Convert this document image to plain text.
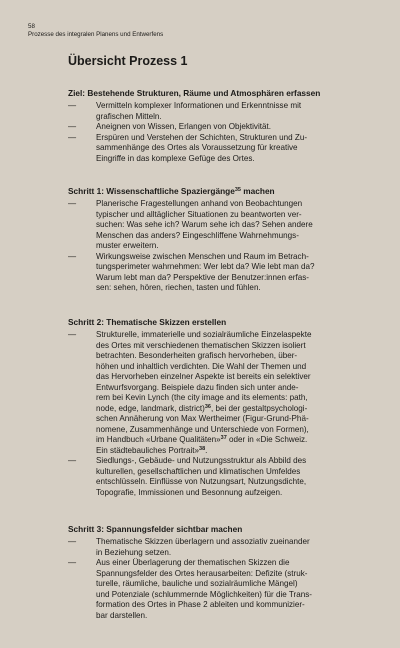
58
Prozesse des integralen Planens und Entwerfens
Übersicht Prozess 1
Ziel: Bestehende Strukturen, Räume und Atmosphären erfassen
— Vermitteln komplexer Informationen und Erkenntnisse mit
grafischen Mitteln.
— Aneignen von Wissen, Erlangen von Objektivität.
— Erspüren und Verstehen der Schichten, Strukturen und Zu-
sammenhänge des Ortes als Voraussetzung für kreative
Eingriffe in das komplexe Gefüge des Ortes.
Schritt 1: Wissenschaftliche Spaziergänge$^{35}$ machen
— Planerische Fragestellungen anhand von Beobachtungen
typischer und alltäglicher Situationen zu beantworten ver-
suchen: Was sehe ich? Warum sehe ich das? Sehen andere
Menschen das anders? Eingeschliffene Wahrnehmungs-
muster erweitern.
— Wirkungsweise zwischen Menschen und Raum im Betrach-
tungsperimeter wahrnehmen: Wer lebt da? Wie lebt man da?
Warum lebt man da? Perspektive der Benutzer:innen erfas-
sen: sehen, hören, riechen, tasten und fühlen.
Schritt 2: Thematische Skizzen erstellen
— Strukturelle, immaterielle und sozialräumliche Einzelaspekte
des Ortes mit verschiedenen thematischen Skizzen isoliert
betrachten. Besonderheiten grafisch hervorheben, über-
höhen und inhaltlich verdichten. Die Wahl der Themen und
das Hervorheben einzelner Aspekte ist bereits ein selektiver
Entwurfsvorgang. Beispiele dazu finden sich unter ande-
rem bei Kevin Lynch (the city image and its elements: path,
node, edge, landmark, district)$^{36}$, bei der gestaltpsychologi-
schen Annäherung von Max Wertheimer (Figur-Grund-Phä-
nomene, Zusammenhänge und Unterschiede von Formen),
im Handbuch «Urbane Qualitäten»$^{37}$ oder in «Die Schweiz.
Ein städtebauliches Portrait»$^{38}$.
— Siedlungs-, Gebäude- und Nutzungsstruktur als Abbild des
kulturellen, gesellschaftlichen und klimatischen Umfeldes
entschlüsseln. Einflüsse von Nutzungsart, Nutzungsdichte,
Topografie, Immissionen und Besonnung aufzeigen.
Schritt 3: Spannungsfelder sichtbar machen
— Thematische Skizzen überlagern und assoziativ zueinander
in Beziehung setzen.
— Aus einer Überlagerung der thematischen Skizzen die
Spannungsfelder des Ortes herausarbeiten: Defizite (struk-
turelle, räumliche, bauliche und sozialräumliche Mängel)
und Potenziale (schlummernde Möglichkeiten) für die Trans-
formation des Ortes in Phase 2 ableiten und kommunizier-
bar darstellen.
